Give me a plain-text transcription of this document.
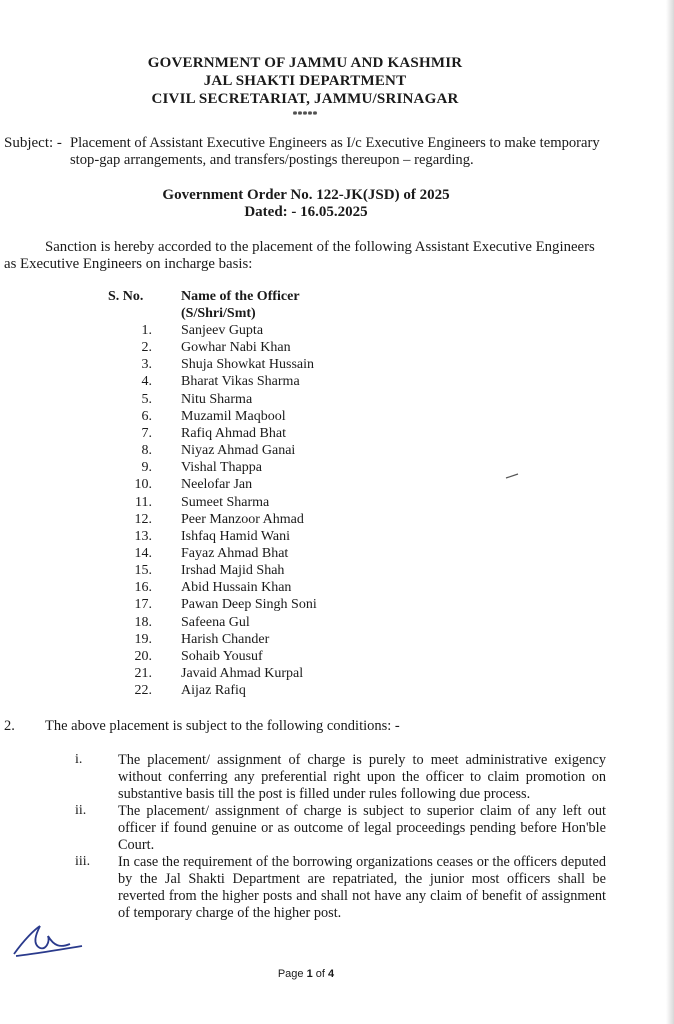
GOVERNMENT OF JAMMU AND KASHMIR
JAL SHAKTI DEPARTMENT
CIVIL SECRETARIAT, JAMMU/SRINAGAR
*****
Subject: - Placement of Assistant Executive Engineers as I/c Executive Engineers to make temporary
stop-gap arrangements, and transfers/postings thereupon – regarding.
Government Order No. 122-JK(JSD) of 2025
Dated: - 16.05.2025
Sanction is hereby accorded to the placement of the following Assistant Executive Engineers
as Executive Engineers on incharge basis:
S. No.	Name of the Officer
(S/Shri/Smt)
1. Sanjeev Gupta
2. Gowhar Nabi Khan
3. Shuja Showkat Hussain
4. Bharat Vikas Sharma
5. Nitu Sharma
6. Muzamil Maqbool
7. Rafiq Ahmad Bhat
8. Niyaz Ahmad Ganai
9. Vishal Thappa
10. Neelofar Jan
11. Sumeet Sharma
12. Peer Manzoor Ahmad
13. Ishfaq Hamid Wani
14. Fayaz Ahmad Bhat
15. Irshad Majid Shah
16. Abid Hussain Khan
17. Pawan Deep Singh Soni
18. Safeena Gul
19. Harish Chander
20. Sohaib Yousuf
21. Javaid Ahmad Kurpal
22. Aijaz Rafiq
2. The above placement is subject to the following conditions: -
i. The placement/ assignment of charge is purely to meet administrative exigency without conferring any preferential right upon the officer to claim promotion on substantive basis till the post is filled under rules following due process.
ii. The placement/ assignment of charge is subject to superior claim of any left out officer if found genuine or as outcome of legal proceedings pending before Hon'ble Court.
iii. In case the requirement of the borrowing organizations ceases or the officers deputed by the Jal Shakti Department are repatriated, the junior most officers shall be reverted from the higher posts and shall not have any claim of benefit of assignment of temporary charge of the higher post.
Page 1 of 4
